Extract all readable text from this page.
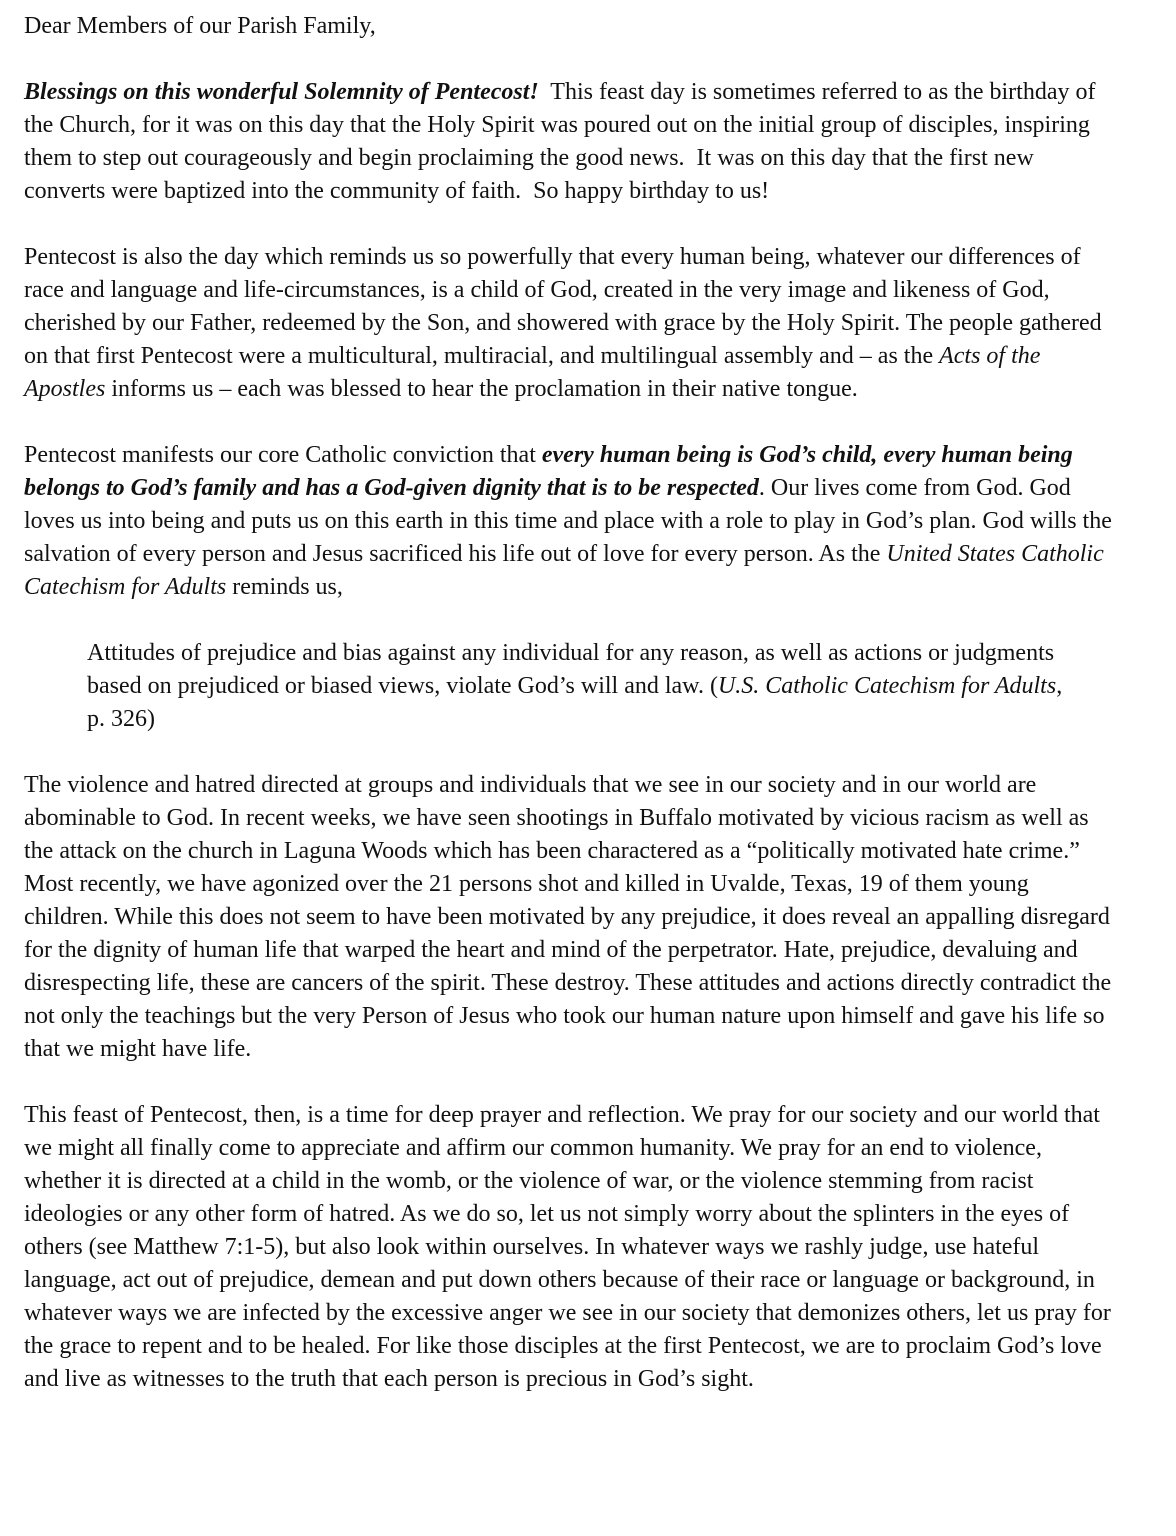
Dear Members of our Parish Family,

Blessings on this wonderful Solemnity of Pentecost!  This feast day is sometimes referred to as the birthday of the Church, for it was on this day that the Holy Spirit was poured out on the initial group of disciples, inspiring them to step out courageously and begin proclaiming the good news.  It was on this day that the first new converts were baptized into the community of faith.  So happy birthday to us!

Pentecost is also the day which reminds us so powerfully that every human being, whatever our differences of race and language and life-circumstances, is a child of God, created in the very image and likeness of God, cherished by our Father, redeemed by the Son, and showered with grace by the Holy Spirit. The people gathered on that first Pentecost were a multicultural, multiracial, and multilingual assembly and – as the Acts of the Apostles informs us – each was blessed to hear the proclamation in their native tongue.

Pentecost manifests our core Catholic conviction that every human being is God’s child, every human being belongs to God’s family and has a God-given dignity that is to be respected. Our lives come from God. God loves us into being and puts us on this earth in this time and place with a role to play in God’s plan. God wills the salvation of every person and Jesus sacrificed his life out of love for every person. As the United States Catholic Catechism for Adults reminds us,

Attitudes of prejudice and bias against any individual for any reason, as well as actions or judgments based on prejudiced or biased views, violate God’s will and law. (U.S. Catholic Catechism for Adults, p. 326)

The violence and hatred directed at groups and individuals that we see in our society and in our world are abominable to God. In recent weeks, we have seen shootings in Buffalo motivated by vicious racism as well as the attack on the church in Laguna Woods which has been charactered as a “politically motivated hate crime.” Most recently, we have agonized over the 21 persons shot and killed in Uvalde, Texas, 19 of them young children. While this does not seem to have been motivated by any prejudice, it does reveal an appalling disregard for the dignity of human life that warped the heart and mind of the perpetrator. Hate, prejudice, devaluing and disrespecting life, these are cancers of the spirit. These destroy. These attitudes and actions directly contradict the not only the teachings but the very Person of Jesus who took our human nature upon himself and gave his life so that we might have life.

This feast of Pentecost, then, is a time for deep prayer and reflection. We pray for our society and our world that we might all finally come to appreciate and affirm our common humanity. We pray for an end to violence, whether it is directed at a child in the womb, or the violence of war, or the violence stemming from racist ideologies or any other form of hatred. As we do so, let us not simply worry about the splinters in the eyes of others (see Matthew 7:1-5), but also look within ourselves. In whatever ways we rashly judge, use hateful language, act out of prejudice, demean and put down others because of their race or language or background, in whatever ways we are infected by the excessive anger we see in our society that demonizes others, let us pray for the grace to repent and to be healed. For like those disciples at the first Pentecost, we are to proclaim God’s love and live as witnesses to the truth that each person is precious in God’s sight.
